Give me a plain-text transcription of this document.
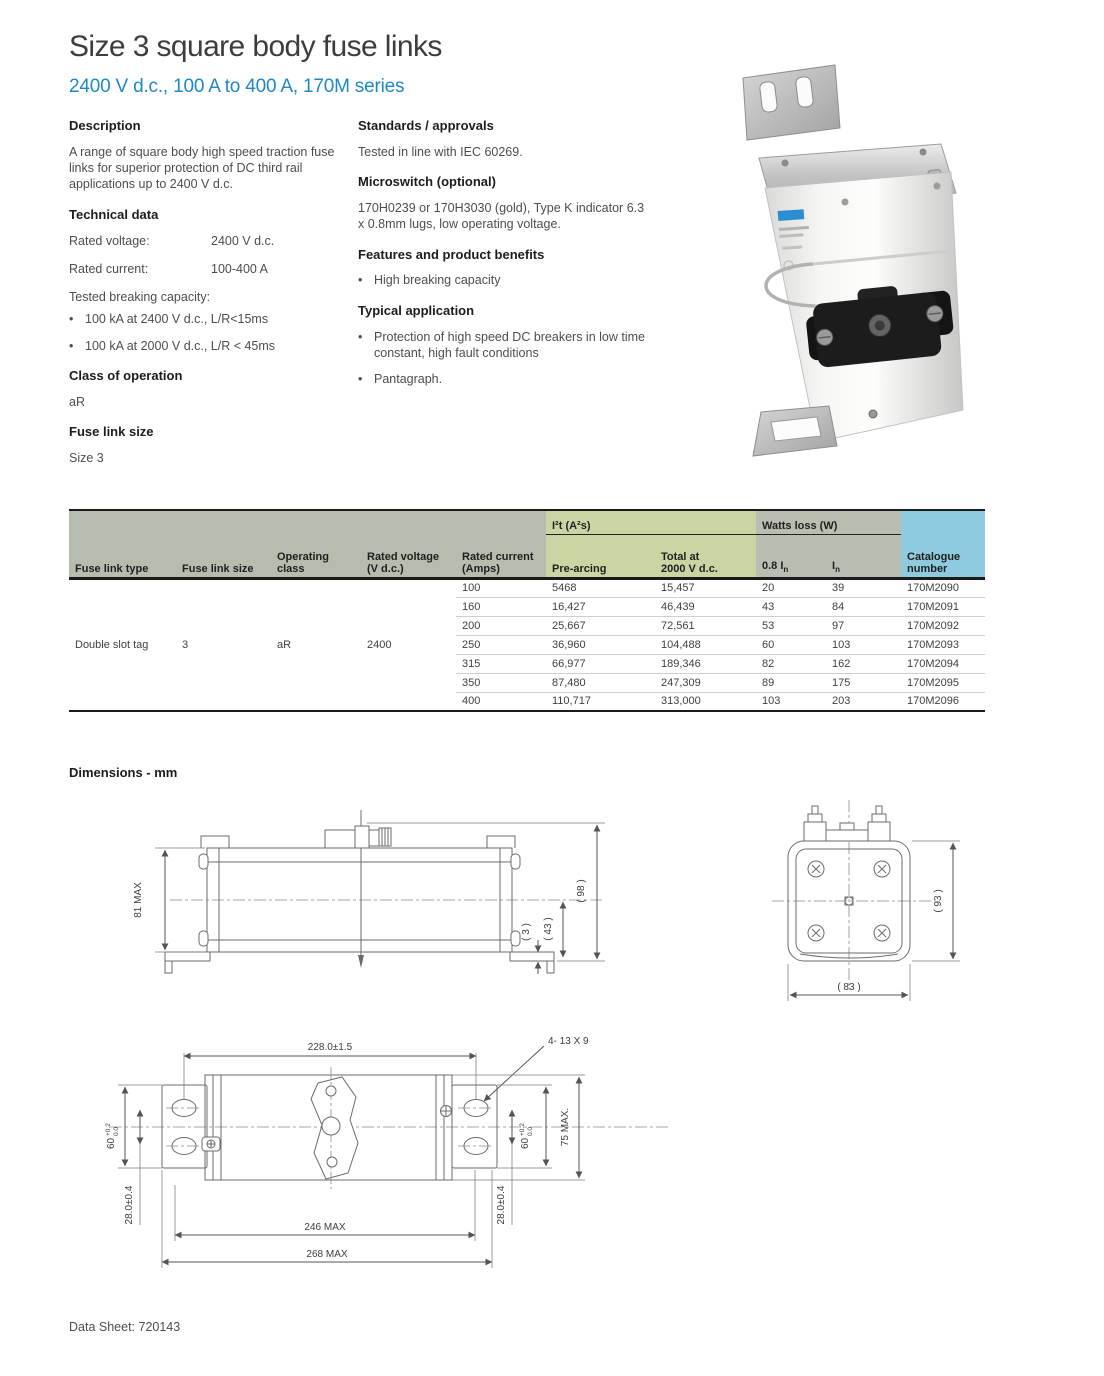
Size 3 square body fuse links
2400 V d.c., 100 A to 400 A, 170M series
Description

A range of square body high speed traction fuse links for superior protection of DC third rail applications up to 2400 V d.c.

Technical data
Rated voltage:	2400 V d.c.
Rated current:	100-400 A

Tested breaking capacity:

• 100 kA at 2400 V d.c., L/R<15ms
• 100 kA at 2000 V d.c., L/R < 45ms
Class of operation

aR

Fuse link size

Size 3

Standards / approvals

Tested in line with IEC 60269.

Microswitch (optional)

170H0239 or 170H3030 (gold), Type K indicator 6.3 x 0.8mm lugs, low operating voltage.

Features and product benefits
• High breaking capacity
Typical application
• Protection of high speed DC breakers in low time constant, high fault conditions
• Pantagraph.
Fuse link type	Fuse link size	Operating
class	Rated voltage
(V d.c.)	Rated current
(Amps)	I²t (A²s)		Watts loss (W)		Catalogue
number
					Pre-arcing	Total at
2000 V d.c.	0.8 $I_n$	$I_n$
				100	5468	15,457	20	39	170M2090
				160	16,427	46,439	43	84	170M2091
				200	25,667	72,561	53	97	170M2092
Double slot tag	3	aR	2400	250	36,960	104,488	60	103	170M2093
				315	66,977	189,346	82	162	170M2094
				350	87,480	247,309	89	175	170M2095
				400	110,717	313,000	103	203	170M2096
Dimensions - mm
81 MAX	( 98 )
( 43 )
( 3 )
( 93 )
( 83 )
228.0±1.5
4- 13 X 9
60
+0.2 0.0
28.0±0.4
60
+0.2 0.0
28.0±0.4
75 MAX.
246 MAX
268 MAX
Data Sheet: 720143
